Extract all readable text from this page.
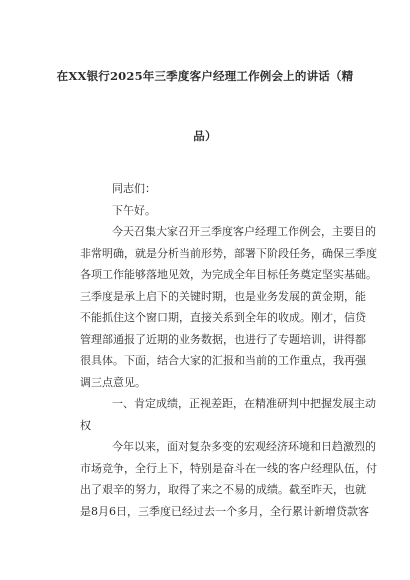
在XX银行2025年三季度客户经理工作例会上的讲话（精
品）
同志们：
下午好。
今天召集大家召开三季度客户经理工作例会，主要目的
非常明确，就是分析当前形势，部署下阶段任务，确保三季度
各项工作能够落地见效，为完成全年目标任务奠定坚实基础。
三季度是承上启下的关键时期，也是业务发展的黄金期，能
不能抓住这个窗口期，直接关系到全年的收成。刚才，信贷
管理部通报了近期的业务数据，也进行了专题培训，讲得都
很具体。下面，结合大家的汇报和当前的工作重点，我再强
调三点意见。
一、肯定成绩，正视差距，在精准研判中把握发展主动
权
今年以来，面对复杂多变的宏观经济环境和日趋激烈的
市场竞争，全行上下，特别是奋斗在一线的客户经理队伍，付
出了艰辛的努力，取得了来之不易的成绩。截至昨天，也就
是8月6日，三季度已经过去一个多月，全行累计新增贷款客
